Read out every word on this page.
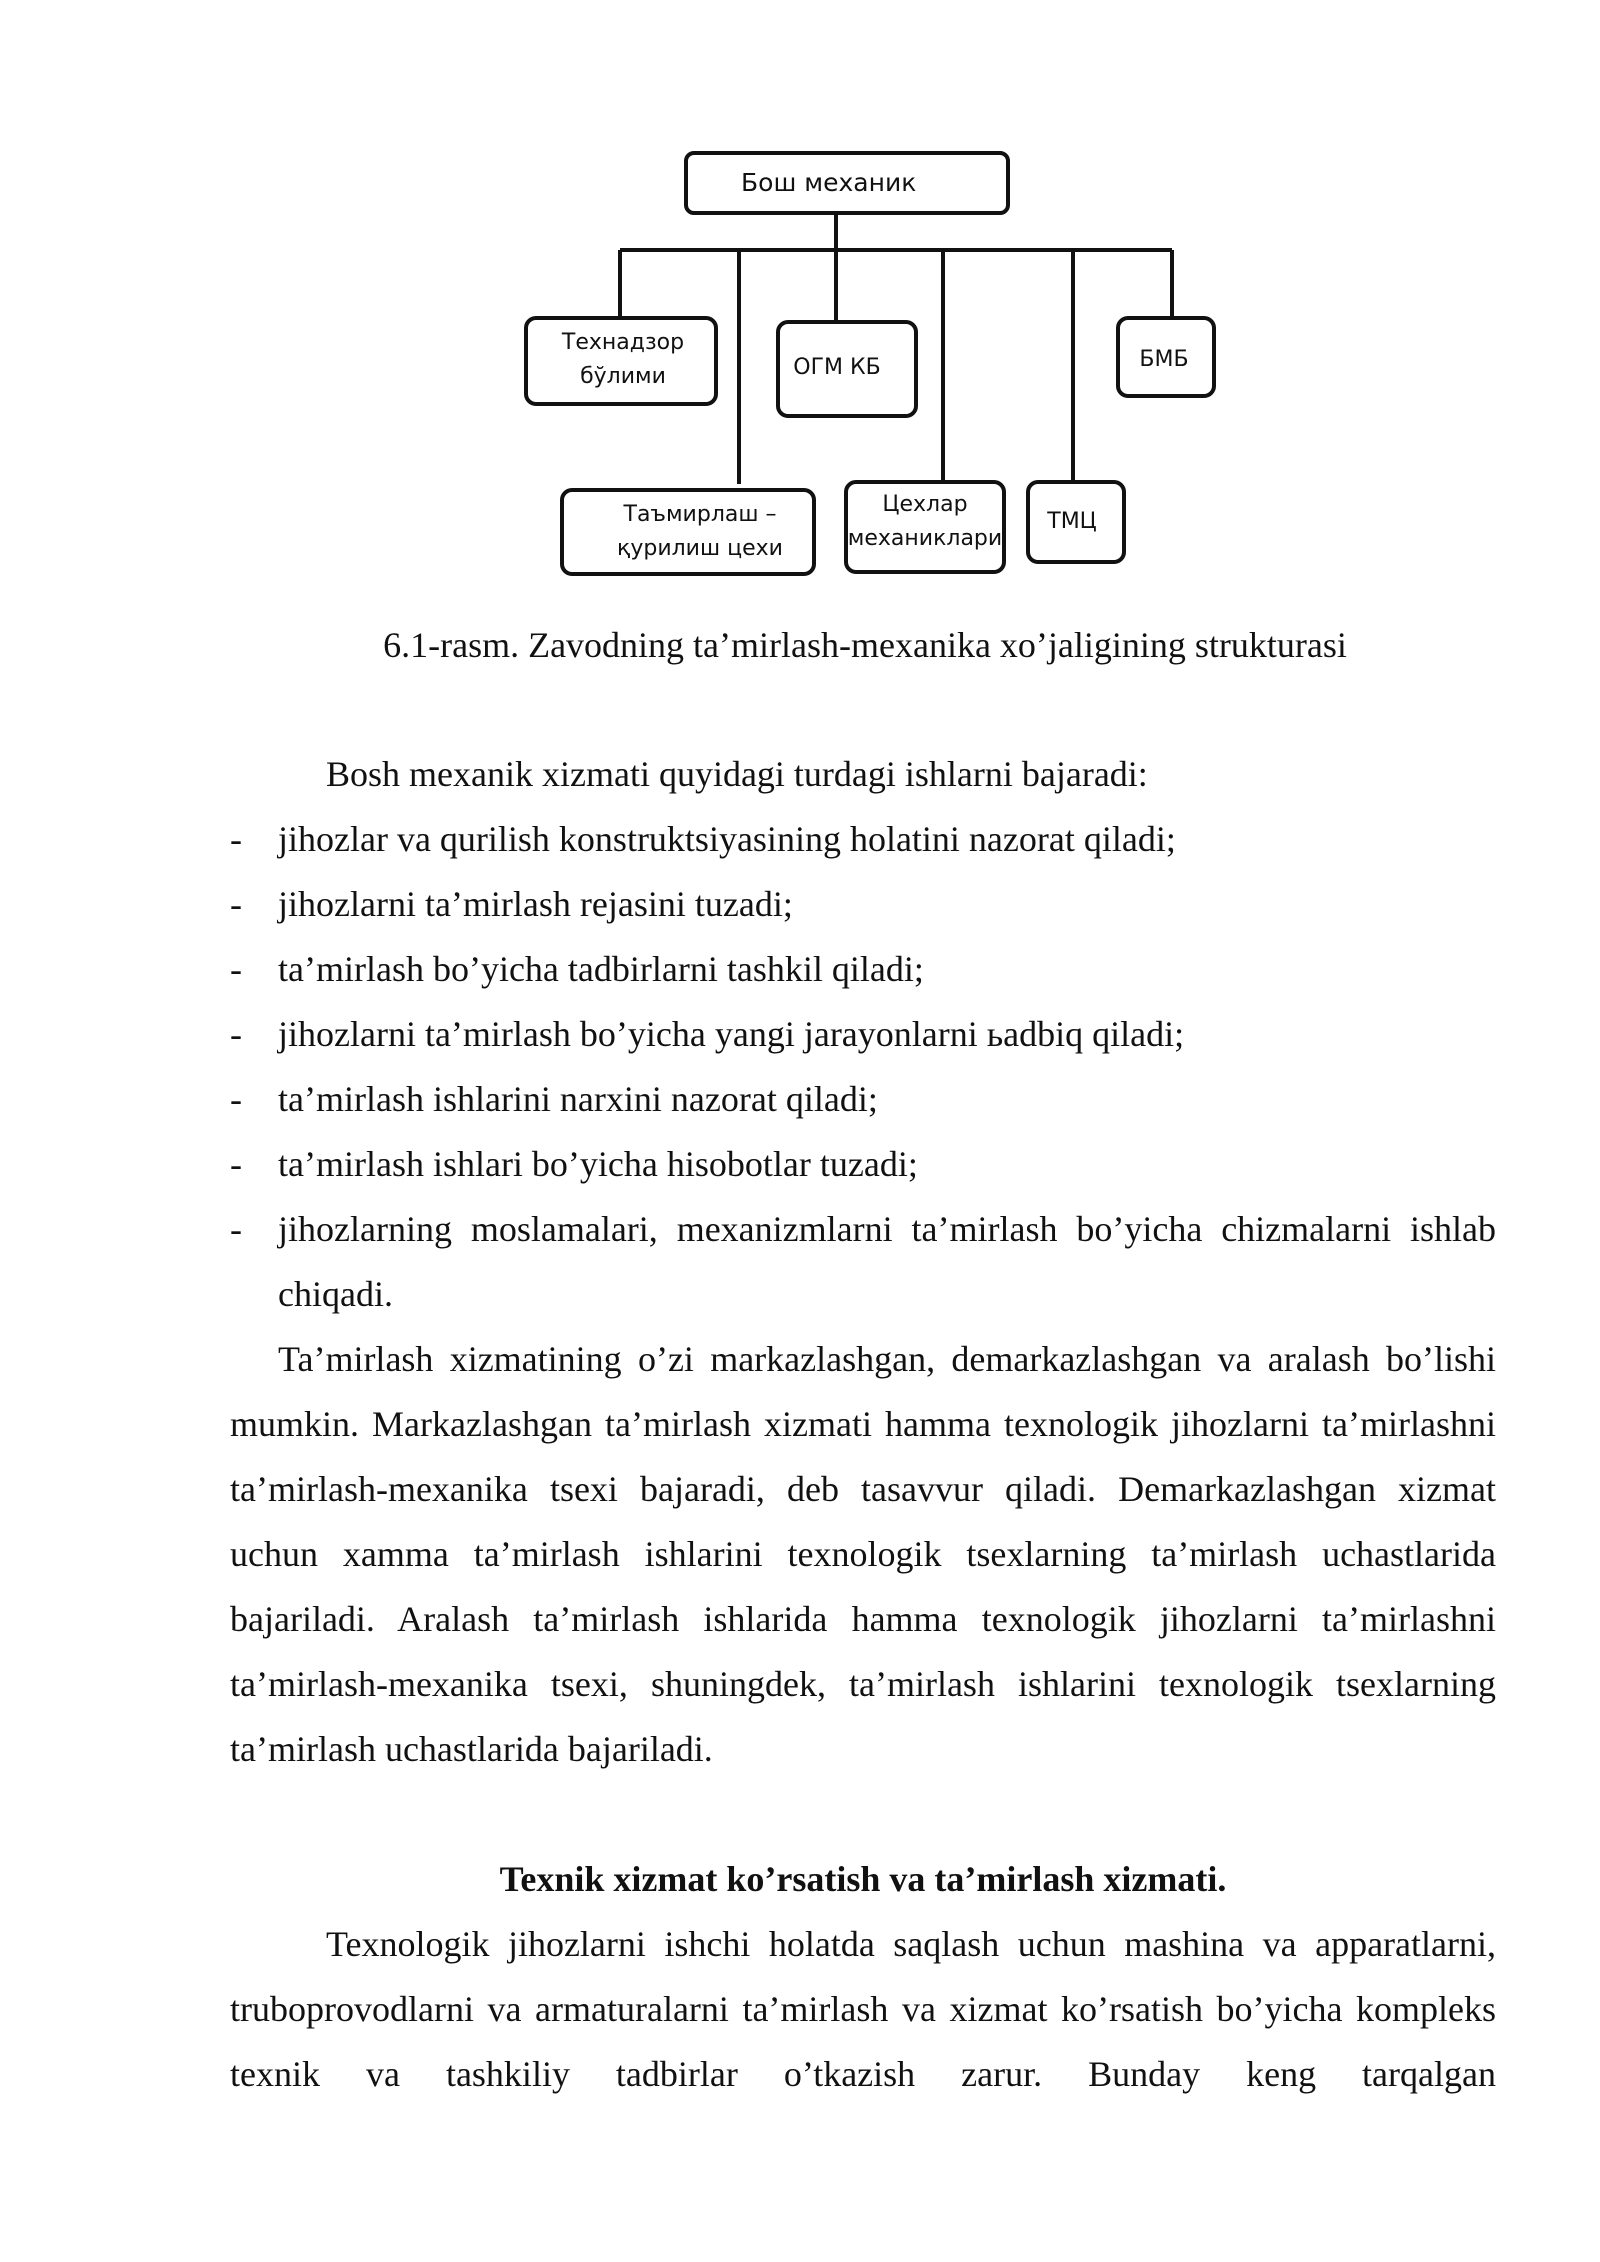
Бош механик
Технадзор
бўлими	ОГМ КБ	БМБ
Таъмирлаш –
қурилиш цехи
Цехлар
механиклари
ТМЦ
6.1-rasm. Zavodning ta’mirlash-mexanika xo’jaligining strukturasi

Bosh mexanik xizmati quyidagi turdagi ishlarni bajaradi:

- jihozlar va qurilish konstruktsiyasining holatini nazorat qiladi;
- jihozlarni ta’mirlash rejasini tuzadi;
- ta’mirlash bo’yicha tadbirlarni tashkil qiladi;
- jihozlarni ta’mirlash bo’yicha yangi jarayonlarni ьadbiq qiladi;
- ta’mirlash ishlarini narxini nazorat qiladi;
- ta’mirlash ishlari bo’yicha hisobotlar tuzadi;
- jihozlarning moslamalari, mexanizmlarni ta’mirlash bo’yicha chizmalarni ishlab chiqadi.

Ta’mirlash xizmatining o’zi markazlashgan, demarkazlashgan va aralash bo’lishi mumkin. Markazlashgan ta’mirlash xizmati hamma texnologik jihozlarni ta’mirlashni ta’mirlash-mexanika tsexi bajaradi, deb tasavvur qiladi. Demarkazlashgan xizmat uchun xamma ta’mirlash ishlarini texnologik tsexlarning ta’mirlash uchastlarida bajariladi. Aralash ta’mirlash ishlarida hamma texnologik jihozlarni ta’mirlashni ta’mirlash-mexanika tsexi, shuningdek, ta’mirlash ishlarini texnologik tsexlarning ta’mirlash uchastlarida bajariladi.

Texnik xizmat ko’rsatish va ta’mirlash xizmati.

Texnologik jihozlarni ishchi holatda saqlash uchun mashina va apparatlarni, truboprovodlarni va armaturalarni ta’mirlash va xizmat ko’rsatish bo’yicha kompleks texnik va tashkiliy tadbirlar o’tkazish zarur. Bunday keng tarqalgan
